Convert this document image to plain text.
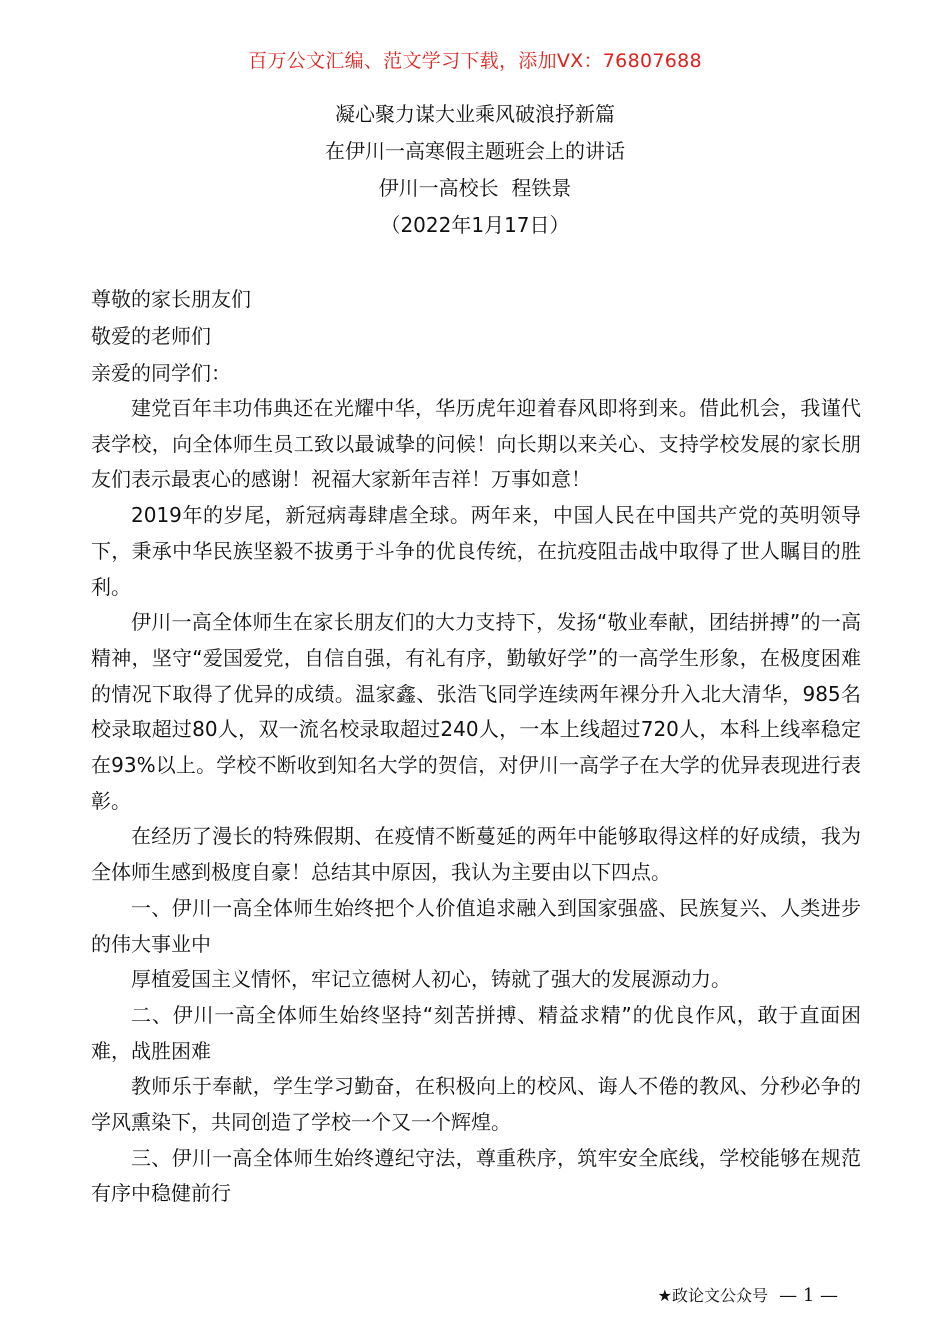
百万公文汇编、范文学习下载，添加VX：76807688
凝心聚力谋大业乘风破浪抒新篇
在伊川一高寒假主题班会上的讲话
伊川一高校长  程铁景
（2022年1月17日）
尊敬的家长朋友们
敬爱的老师们
亲爱的同学们：

建党百年丰功伟典还在光耀中华，华历虎年迎着春风即将到来。借此机会，我谨代表学校，向全体师生员工致以最诚挚的问候！向长期以来关心、支持学校发展的家长朋友们表示最衷心的感谢！祝福大家新年吉祥！万事如意！

2019年的岁尾，新冠病毒肆虐全球。两年来，中国人民在中国共产党的英明领导下，秉承中华民族坚毅不拔勇于斗争的优良传统，在抗疫阻击战中取得了世人瞩目的胜利。

伊川一高全体师生在家长朋友们的大力支持下，发扬“敬业奉献，团结拼搏”的一高精神，坚守“爱国爱党，自信自强，有礼有序，勤敏好学”的一高学生形象，在极度困难的情况下取得了优异的成绩。温家鑫、张浩飞同学连续两年裸分升入北大清华，985名校录取超过80人，双一流名校录取超过240人，一本上线超过720人，本科上线率稳定在93%以上。学校不断收到知名大学的贺信，对伊川一高学子在大学的优异表现进行表彰。

在经历了漫长的特殊假期、在疫情不断蔓延的两年中能够取得这样的好成绩，我为全体师生感到极度自豪！总结其中原因，我认为主要由以下四点。

一、伊川一高全体师生始终把个人价值追求融入到国家强盛、民族复兴、人类进步的伟大事业中

厚植爱国主义情怀，牢记立德树人初心，铸就了强大的发展源动力。

二、伊川一高全体师生始终坚持“刻苦拼搏、精益求精”的优良作风，敢于直面困难，战胜困难

教师乐于奉献，学生学习勤奋，在积极向上的校风、诲人不倦的教风、分秒必争的学风熏染下，共同创造了学校一个又一个辉煌。

三、伊川一高全体师生始终遵纪守法，尊重秩序，筑牢安全底线，学校能够在规范有序中稳健前行

★政论文公众号 — 1 —
